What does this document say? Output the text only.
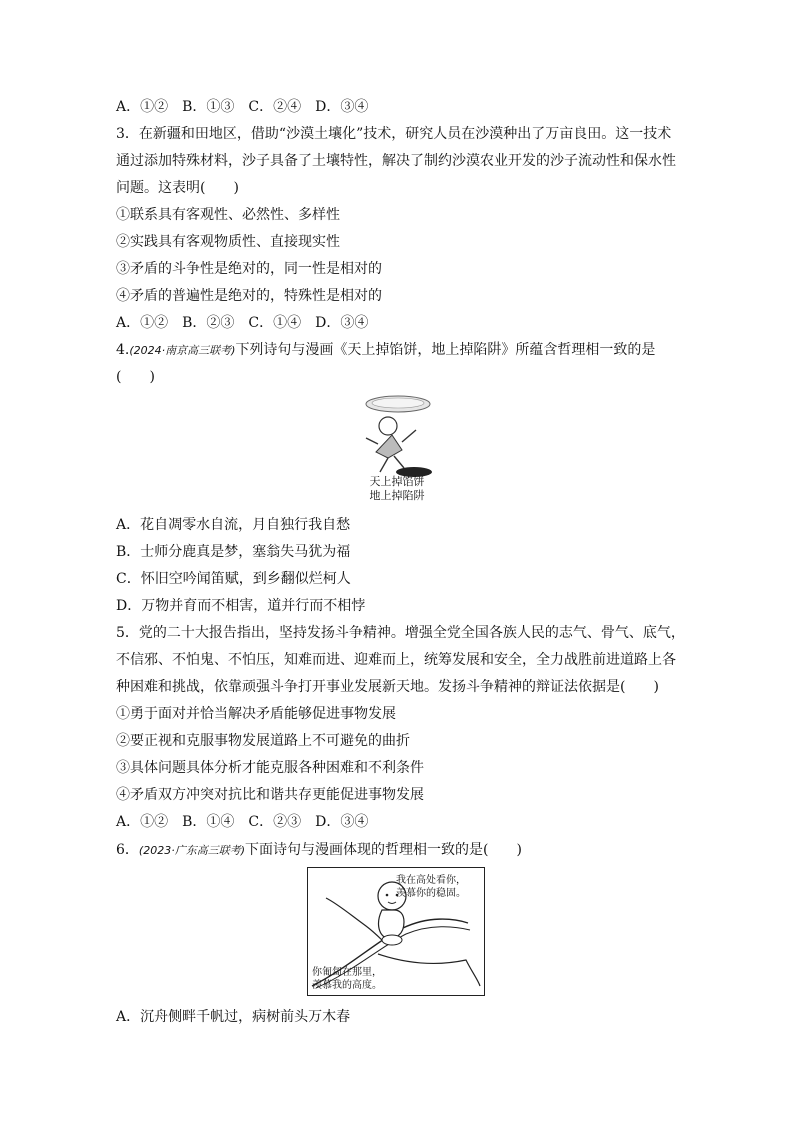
A．①②　B．①③　C．②④　D．③④
3．在新疆和田地区，借助“沙漠土壤化”技术，研究人员在沙漠种出了万亩良田。这一技术
通过添加特殊材料，沙子具备了土壤特性，解决了制约沙漠农业开发的沙子流动性和保水性
问题。这表明(　　)
①联系具有客观性、必然性、多样性
②实践具有客观物质性、直接现实性
③矛盾的斗争性是绝对的，同一性是相对的
④矛盾的普遍性是绝对的，特殊性是相对的
A．①②　B．②③　C．①④　D．③④
4.(2024·南京高三联考)下列诗句与漫画《天上掉馅饼，地上掉陷阱》所蕴含哲理相一致的是
(　　)
天上掉馅饼
地上掉陷阱
A．花自凋零水自流，月自独行我自愁
B．士师分鹿真是梦，塞翁失马犹为福
C．怀旧空吟闻笛赋，到乡翻似烂柯人
D．万物并育而不相害，道并行而不相悖
5．党的二十大报告指出，坚持发扬斗争精神。增强全党全国各族人民的志气、骨气、底气，
不信邪、不怕鬼、不怕压，知难而进、迎难而上，统筹发展和安全，全力战胜前进道路上各
种困难和挑战，依靠顽强斗争打开事业发展新天地。发扬斗争精神的辩证法依据是(　　)
①勇于面对并恰当解决矛盾能够促进事物发展
②要正视和克服事物发展道路上不可避免的曲折
③具体问题具体分析才能克服各种困难和不利条件
④矛盾双方冲突对抗比和谐共存更能促进事物发展
A．①②　B．①④　C．②③　D．③④
6．(2023·广东高三联考)下面诗句与漫画体现的哲理相一致的是(　　)
我在高处看你，
羡慕你的稳固。
你匍匐在那里，
羡慕我的高度。
A．沉舟侧畔千帆过，病树前头万木春
